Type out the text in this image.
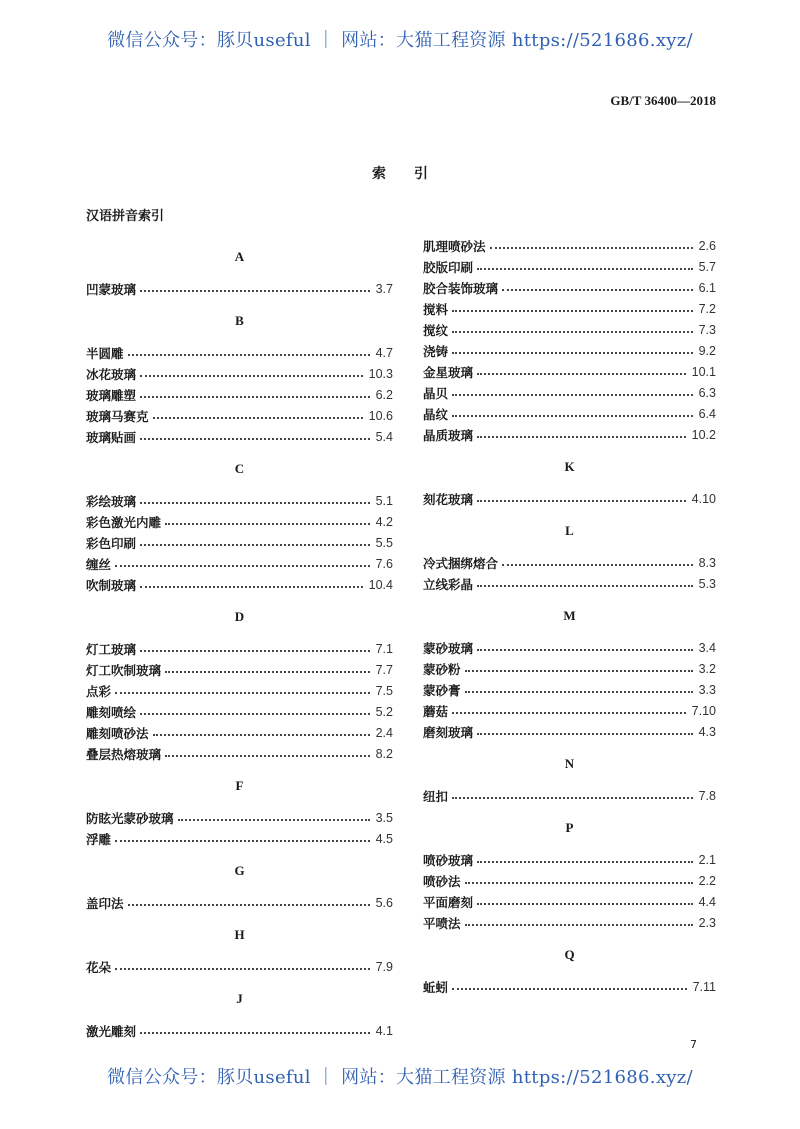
微信公众号：豚贝useful ｜ 网站：大猫工程资源 https://521686.xyz/
GB/T 36400—2018
索引
汉语拼音索引
A
凹蒙玻璃	3.7
B
半圆雕	4.7
冰花玻璃	10.3
玻璃雕塑	6.2
玻璃马赛克	10.6
玻璃贴画	5.4
C
彩绘玻璃	5.1
彩色激光内雕	4.2
彩色印刷	5.5
缠丝	7.6
吹制玻璃	10.4
D
灯工玻璃	7.1
灯工吹制玻璃	7.7
点彩	7.5
雕刻喷绘	5.2
雕刻喷砂法	2.4
叠层热熔玻璃	8.2
F
防眩光蒙砂玻璃	3.5
浮雕	4.5
G
盖印法	5.6
H
花朵	7.9
J
激光雕刻	4.1
肌理喷砂法	2.6
胶版印刷	5.7
胶合装饰玻璃	6.1
搅料	7.2
搅纹	7.3
浇铸	9.2
金星玻璃	10.1
晶贝	6.3
晶纹	6.4
晶质玻璃	10.2
K
刻花玻璃	4.10
L
冷式捆绑熔合	8.3
立线彩晶	5.3
M
蒙砂玻璃	3.4
蒙砂粉	3.2
蒙砂膏	3.3
蘑菇	7.10
磨刻玻璃	4.3
N
纽扣	7.8
P
喷砂玻璃	2.1
喷砂法	2.2
平面磨刻	4.4
平喷法	2.3
Q
蚯蚓	7.11
7
微信公众号：豚贝useful ｜ 网站：大猫工程资源 https://521686.xyz/
